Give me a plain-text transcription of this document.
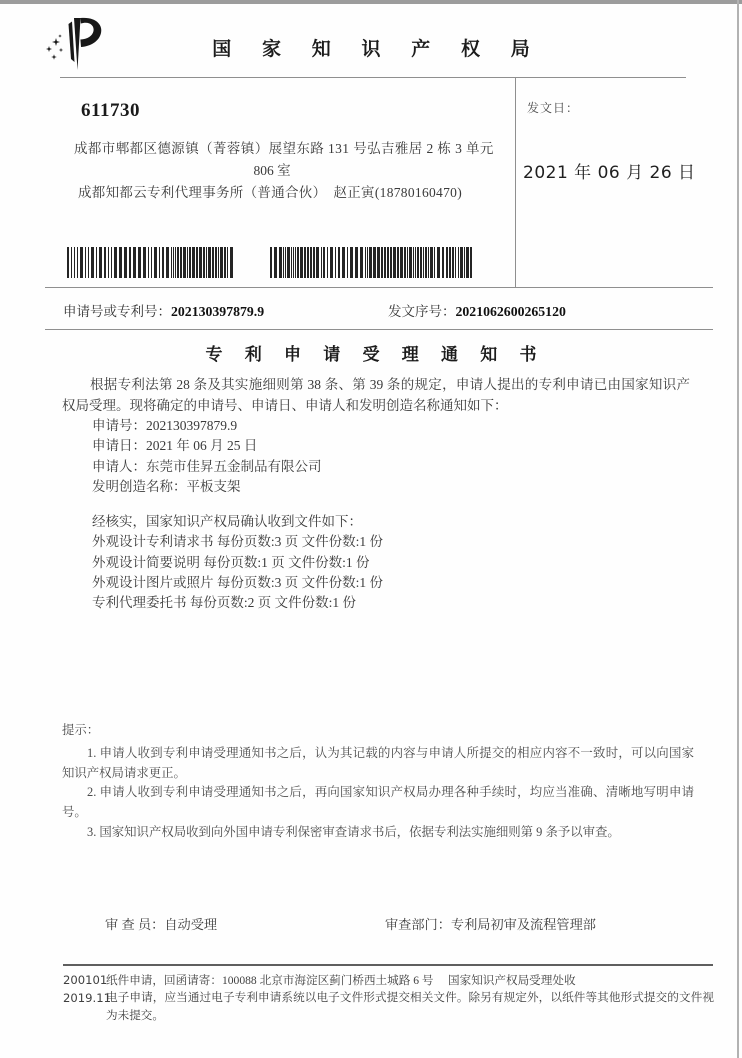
国 家 知 识 产 权 局
发文日：
2021 年 06 月 26 日
611730
成都市郫都区德源镇（菁蓉镇）展望东路 131 号弘吉雅居 2 栋 3 单元
806 室
成都知都云专利代理事务所（普通合伙）　赵正寅(18780160470)
申请号或专利号：202130397879.9	发文序号：2021062600265120
专 利 申 请 受 理 通 知 书

根据专利法第 28 条及其实施细则第 38 条、第 39 条的规定，申请人提出的专利申请已由国家知识产权局受理。现将确定的申请号、申请日、申请人和发明创造名称通知如下：

申请号：202130397879.9
申请日：2021 年 06 月 25 日
申请人：东莞市佳昇五金制品有限公司
发明创造名称：平板支架
经核实，国家知识产权局确认收到文件如下：
外观设计专利请求书 每份页数:3 页 文件份数:1 份
外观设计简要说明 每份页数:1 页 文件份数:1 份
外观设计图片或照片 每份页数:3 页 文件份数:1 份
专利代理委托书 每份页数:2 页 文件份数:1 份
提示：

1. 申请人收到专利申请受理通知书之后，认为其记载的内容与申请人所提交的相应内容不一致时，可以向国家知识产权局请求更正。

2. 申请人收到专利申请受理通知书之后，再向国家知识产权局办理各种手续时，均应当准确、清晰地写明申请号。

3. 国家知识产权局收到向外国申请专利保密审查请求书后，依据专利法实施细则第 9 条予以审查。

审 查 员：自动受理	审查部门：专利局初审及流程管理部
200101
2019.11

纸件申请，回函请寄：100088 北京市海淀区蓟门桥西土城路 6 号　 国家知识产权局受理处收

电子申请，应当通过电子专利申请系统以电子文件形式提交相关文件。除另有规定外，以纸件等其他形式提交的文件视为未提交。
